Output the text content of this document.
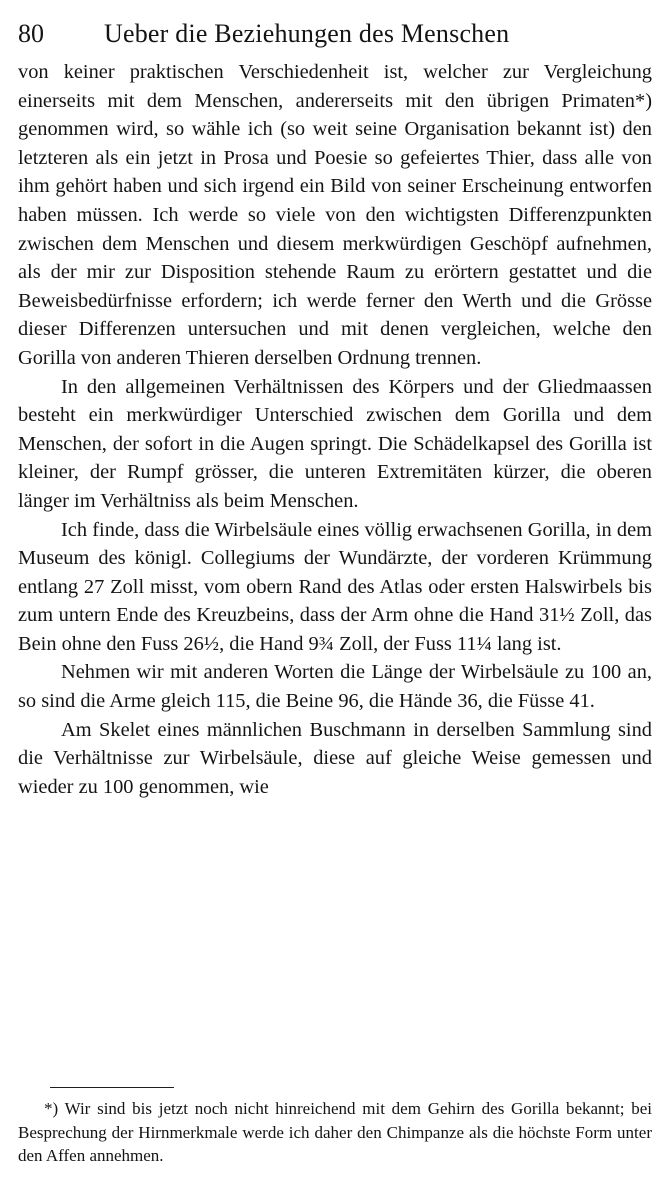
80 Ueber die Beziehungen des Menschen

von keiner praktischen Verschiedenheit ist, welcher zur Vergleichung einerseits mit dem Menschen, andererseits mit den übrigen Primaten*) genommen wird, so wähle ich (so weit seine Organisation bekannt ist) den letzteren als ein jetzt in Prosa und Poesie so gefeiertes Thier, dass alle von ihm gehört haben und sich irgend ein Bild von seiner Erscheinung entworfen haben müssen. Ich werde so viele von den wichtigsten Differenzpunkten zwischen dem Menschen und diesem merkwürdigen Geschöpf aufnehmen, als der mir zur Disposition stehende Raum zu erörtern gestattet und die Beweisbedürfnisse erfordern; ich werde ferner den Werth und die Grösse dieser Differenzen untersuchen und mit denen vergleichen, welche den Gorilla von anderen Thieren derselben Ordnung trennen.

In den allgemeinen Verhältnissen des Körpers und der Gliedmaassen besteht ein merkwürdiger Unterschied zwischen dem Gorilla und dem Menschen, der sofort in die Augen springt. Die Schädelkapsel des Gorilla ist kleiner, der Rumpf grösser, die unteren Extremitäten kürzer, die oberen länger im Verhältniss als beim Menschen.

Ich finde, dass die Wirbelsäule eines völlig erwachsenen Gorilla, in dem Museum des königl. Collegiums der Wundärzte, der vorderen Krümmung entlang 27 Zoll misst, vom obern Rand des Atlas oder ersten Halswirbels bis zum untern Ende des Kreuzbeins, dass der Arm ohne die Hand 31½ Zoll, das Bein ohne den Fuss 26½, die Hand 9¾ Zoll, der Fuss 11¼ lang ist.

Nehmen wir mit anderen Worten die Länge der Wirbelsäule zu 100 an, so sind die Arme gleich 115, die Beine 96, die Hände 36, die Füsse 41.

Am Skelet eines männlichen Buschmann in derselben Sammlung sind die Verhältnisse zur Wirbelsäule, diese auf gleiche Weise gemessen und wieder zu 100 genommen, wie

*) Wir sind bis jetzt noch nicht hinreichend mit dem Gehirn des Gorilla bekannt; bei Besprechung der Hirnmerkmale werde ich daher den Chimpanze als die höchste Form unter den Affen annehmen.
